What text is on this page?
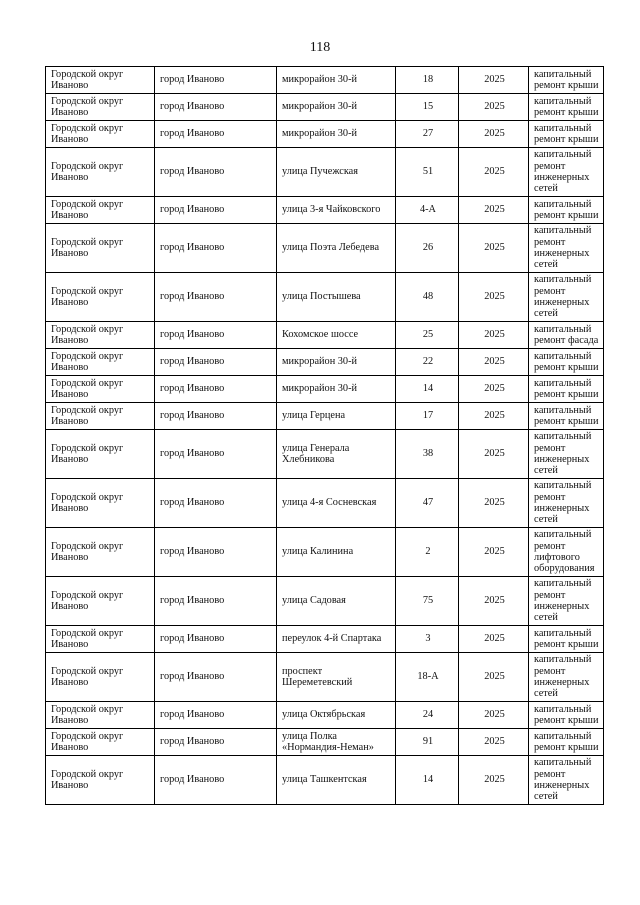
118
Городской округ Иваново	город Иваново	микрорайон 30-й	18	2025	капитальный ремонт крыши
Городской округ Иваново	город Иваново	микрорайон 30-й	15	2025	капитальный ремонт крыши
Городской округ Иваново	город Иваново	микрорайон 30-й	27	2025	капитальный ремонт крыши
Городской округ Иваново	город Иваново	улица Пучежская	51	2025	капитальный ремонт инженерных сетей
Городской округ Иваново	город Иваново	улица 3-я Чайковского	4-А	2025	капитальный ремонт крыши
Городской округ Иваново	город Иваново	улица Поэта Лебедева	26	2025	капитальный ремонт инженерных сетей
Городской округ Иваново	город Иваново	улица Постышева	48	2025	капитальный ремонт инженерных сетей
Городской округ Иваново	город Иваново	Кохомское шоссе	25	2025	капитальный ремонт фасада
Городской округ Иваново	город Иваново	микрорайон 30-й	22	2025	капитальный ремонт крыши
Городской округ Иваново	город Иваново	микрорайон 30-й	14	2025	капитальный ремонт крыши
Городской округ Иваново	город Иваново	улица Герцена	17	2025	капитальный ремонт крыши
Городской округ Иваново	город Иваново	улица Генерала Хлебникова	38	2025	капитальный ремонт инженерных сетей
Городской округ Иваново	город Иваново	улица 4-я Сосневская	47	2025	капитальный ремонт инженерных сетей
Городской округ Иваново	город Иваново	улица Калинина	2	2025	капитальный ремонт лифтового оборудования
Городской округ Иваново	город Иваново	улица Садовая	75	2025	капитальный ремонт инженерных сетей
Городской округ Иваново	город Иваново	переулок 4-й Спартака	3	2025	капитальный ремонт крыши
Городской округ Иваново	город Иваново	проспект Шереметевский	18-А	2025	капитальный ремонт инженерных сетей
Городской округ Иваново	город Иваново	улица Октябрьская	24	2025	капитальный ремонт крыши
Городской округ Иваново	город Иваново	улица Полка «Нормандия-Неман»	91	2025	капитальный ремонт крыши
Городской округ Иваново	город Иваново	улица Ташкентская	14	2025	капитальный ремонт инженерных сетей
